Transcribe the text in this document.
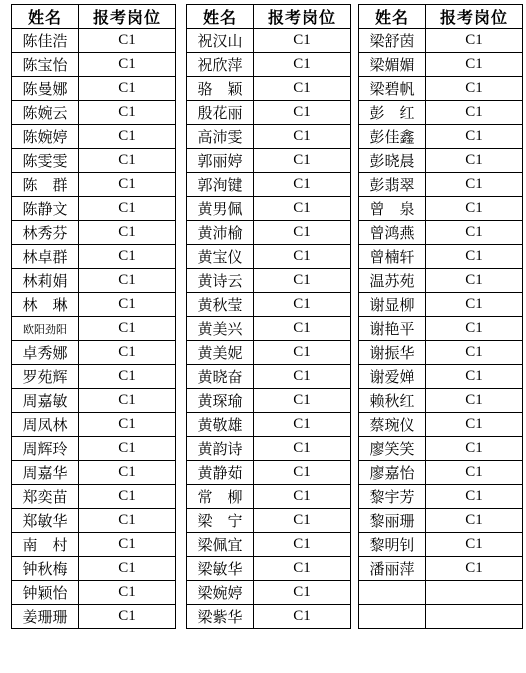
姓名	报考岗位
陈佳浩	C1
陈宝怡	C1
陈曼娜	C1
陈婉云	C1
陈婉婷	C1
陈雯雯	C1
陈　群	C1
陈静文	C1
林秀芬	C1
林卓群	C1
林莉娟	C1
林　琳	C1
欧阳劲阳	C1
卓秀娜	C1
罗苑辉	C1
周嘉敏	C1
周凤林	C1
周辉玲	C1
周嘉华	C1
郑奕苗	C1
郑敏华	C1
南　村	C1
钟秋梅	C1
钟颖怡	C1
姜珊珊	C1
姓名	报考岗位
祝汉山	C1
祝欣萍	C1
骆　颖	C1
殷花丽	C1
高沛雯	C1
郭丽婷	C1
郭洵键	C1
黄男佩	C1
黄沛榆	C1
黄宝仪	C1
黄诗云	C1
黄秋莹	C1
黄美兴	C1
黄美妮	C1
黄晓奋	C1
黄琛瑜	C1
黄敬雄	C1
黄韵诗	C1
黄静茹	C1
常　柳	C1
梁　宁	C1
梁佩宜	C1
梁敏华	C1
梁婉婷	C1
梁紫华	C1
姓名	报考岗位
梁舒茵	C1
梁媚媚	C1
梁碧帆	C1
彭　红	C1
彭佳鑫	C1
彭晓晨	C1
彭翡翠	C1
曾　泉	C1
曾鸿燕	C1
曾楠轩	C1
温苏苑	C1
谢显柳	C1
谢艳平	C1
谢振华	C1
谢爱婵	C1
赖秋红	C1
蔡琬仪	C1
廖笑笑	C1
廖嘉怡	C1
黎宇芳	C1
黎丽珊	C1
黎明钊	C1
潘丽萍	C1
